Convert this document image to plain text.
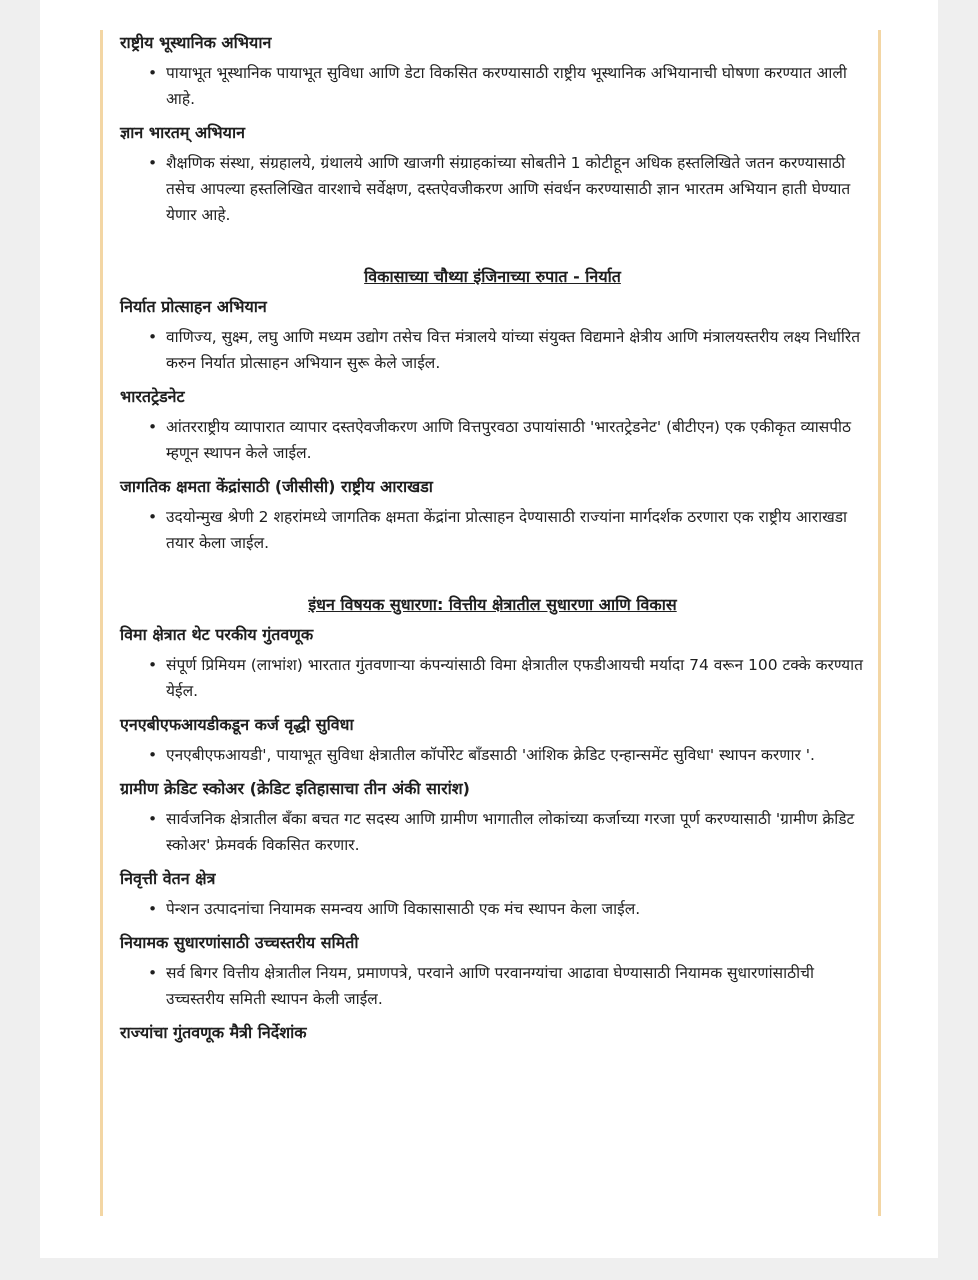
राष्ट्रीय भूस्थानिक अभियान
• पायाभूत भूस्थानिक पायाभूत सुविधा आणि डेटा विकसित करण्यासाठी राष्ट्रीय भूस्थानिक अभियानाची घोषणा करण्यात आली आहे.
ज्ञान भारतम् अभियान
• शैक्षणिक संस्था, संग्रहालये, ग्रंथालये आणि खाजगी संग्राहकांच्या सोबतीने 1 कोटीहून अधिक हस्तलिखिते जतन करण्यासाठी तसेच आपल्या हस्तलिखित वारशाचे सर्वेक्षण, दस्तऐवजीकरण आणि संवर्धन करण्यासाठी ज्ञान भारतम अभियान हाती घेण्यात येणार आहे.
विकासाच्या चौथ्या इंजिनाच्या रुपात - निर्यात
निर्यात प्रोत्साहन अभियान
• वाणिज्य, सुक्ष्म, लघु आणि मध्यम उद्योग तसेच वित्त मंत्रालये यांच्या संयुक्त विद्यमाने क्षेत्रीय आणि मंत्रालयस्तरीय लक्ष्य निर्धारित करुन निर्यात प्रोत्साहन अभियान सुरू केले जाईल.
भारतट्रेडनेट
• आंतरराष्ट्रीय व्यापारात व्यापार दस्तऐवजीकरण आणि वित्तपुरवठा उपायांसाठी 'भारतट्रेडनेट' (बीटीएन) एक एकीकृत व्यासपीठ म्हणून स्थापन केले जाईल.
जागतिक क्षमता केंद्रांसाठी (जीसीसी) राष्ट्रीय आराखडा
• उदयोन्मुख श्रेणी 2 शहरांमध्ये जागतिक क्षमता केंद्रांना प्रोत्साहन देण्यासाठी राज्यांना मार्गदर्शक ठरणारा एक राष्ट्रीय आराखडा तयार केला जाईल.
इंधन विषयक सुधारणा: वित्तीय क्षेत्रातील सुधारणा आणि विकास
विमा क्षेत्रात थेट परकीय गुंतवणूक
• संपूर्ण प्रिमियम (लाभांश) भारतात गुंतवणाऱ्या कंपन्यांसाठी विमा क्षेत्रातील एफडीआयची मर्यादा 74 वरून 100 टक्के करण्यात येईल.
एनएबीएफआयडीकडून कर्ज वृद्धी सुविधा
• एनएबीएफआयडी', पायाभूत सुविधा क्षेत्रातील कॉर्पोरेट बाँडसाठी 'आंशिक क्रेडिट एन्हान्समेंट सुविधा' स्थापन करणार '.
ग्रामीण क्रेडिट स्कोअर (क्रेडिट इतिहासाचा तीन अंकी सारांश)
• सार्वजनिक क्षेत्रातील बँका बचत गट सदस्य आणि ग्रामीण भागातील लोकांच्या कर्जाच्या गरजा पूर्ण करण्यासाठी 'ग्रामीण क्रेडिट स्कोअर' फ्रेमवर्क विकसित करणार.
निवृत्ती वेतन क्षेत्र
• पेन्शन उत्पादनांचा नियामक समन्वय आणि विकासासाठी एक मंच स्थापन केला जाईल.
नियामक सुधारणांसाठी उच्चस्तरीय समिती
• सर्व बिगर वित्तीय क्षेत्रातील नियम, प्रमाणपत्रे, परवाने आणि परवानग्यांचा आढावा घेण्यासाठी नियामक सुधारणांसाठीची उच्चस्तरीय समिती स्थापन केली जाईल.
राज्यांचा गुंतवणूक मैत्री निर्देशांक
